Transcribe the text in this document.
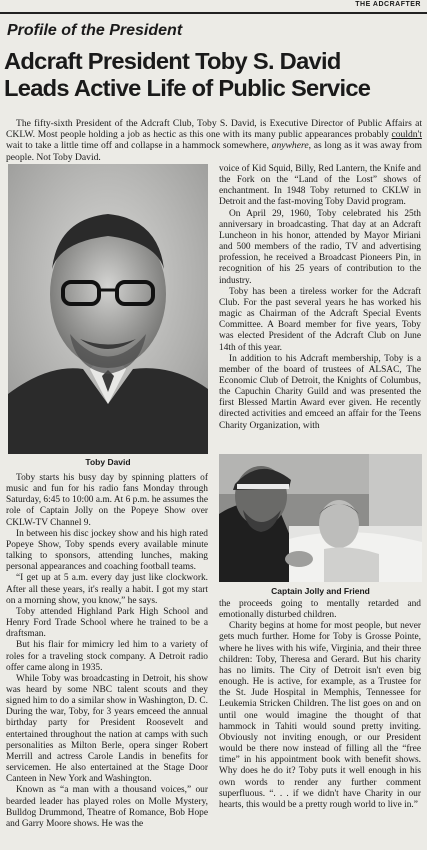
THE ADCRAFTER
Profile of the President
Adcraft President Toby S. David
Leads Active Life of Public Service
The fifty-sixth President of the Adcraft Club, Toby S. David, is Executive Director of Public Affairs at CKLW. Most people holding a job as hectic as this one with its many public appearances probably couldn't wait to take a little time off and collapse in a hammock somewhere, anywhere, as long as it was away from people. Not Toby David.
Toby David

Toby starts his busy day by spinning platters of music and fun for his radio fans Monday through Saturday, 6:45 to 10:00 a.m. At 6 p.m. he assumes the role of Captain Jolly on the Popeye Show over CKLW-TV Channel 9.

In between his disc jockey show and his high rated Popeye Show, Toby spends every available minute talking to sponsors, attending lunches, making personal appearances and coaching football teams.

“I get up at 5 a.m. every day just like clockwork. After all these years, it's really a habit. I got my start on a morning show, you know,” he says.

Toby attended Highland Park High School and Henry Ford Trade School where he trained to be a draftsman.

But his flair for mimicry led him to a variety of roles for a traveling stock company. A Detroit radio offer came along in 1935.

While Toby was broadcasting in Detroit, his show was heard by some NBC talent scouts and they signed him to do a similar show in Washington, D. C. During the war, Toby, for 3 years emceed the annual birthday party for President Roosevelt and entertained throughout the nation at camps with such personalities as Milton Berle, opera singer Robert Merrill and actress Carole Landis in benefits for servicemen. He also entertained at the Stage Door Canteen in New York and Washington.

Known as “a man with a thousand voices,” our bearded leader has played roles on Molle Mystery, Bulldog Drummond, Theatre of Romance, Bob Hope and Garry Moore shows. He was the

voice of Kid Squid, Billy, Red Lantern, the Knife and the Fork on the “Land of the Lost” shows of enchantment. In 1948 Toby returned to CKLW in Detroit and the fast-moving Toby David program.

On April 29, 1960, Toby celebrated his 25th anniversary in broadcasting. That day at an Adcraft Luncheon in his honor, attended by Mayor Miriani and 500 members of the radio, TV and advertising profession, he received a Broadcast Pioneers Pin, in recognition of his 25 years of contribution to the industry.

Toby has been a tireless worker for the Adcraft Club. For the past several years he has worked his magic as Chairman of the Adcraft Special Events Committee. A Board member for five years, Toby was elected President of the Adcraft Club on June 14th of this year.

In addition to his Adcraft membership, Toby is a member of the board of trustees of ALSAC, The Economic Club of Detroit, the Knights of Columbus, the Capuchin Charity Guild and was presented the first Blessed Martin Award ever given. He recently directed activities and emceed an affair for the Teens Charity Organization, with

Captain Jolly and Friend

the proceeds going to mentally retarded and emotionally disturbed children.

Charity begins at home for most people, but never gets much further. Home for Toby is Grosse Pointe, where he lives with his wife, Virginia, and their three children: Toby, Theresa and Gerard. But his charity has no limits. The City of Detroit isn't even big enough. He is active, for example, as a Trustee for the St. Jude Hospital in Memphis, Tennessee for Leukemia Stricken Children. The list goes on and on until one would imagine the thought of that hammock in Tahiti would sound pretty inviting. Obviously not inviting enough, or our President would be there now instead of filling all the “free time” in his appointment book with benefit shows. Why does he do it? Toby puts it well enough in his own words to render any further comment superfluous. “. . . if we didn't have Charity in our hearts, this would be a pretty rough world to live in.”
